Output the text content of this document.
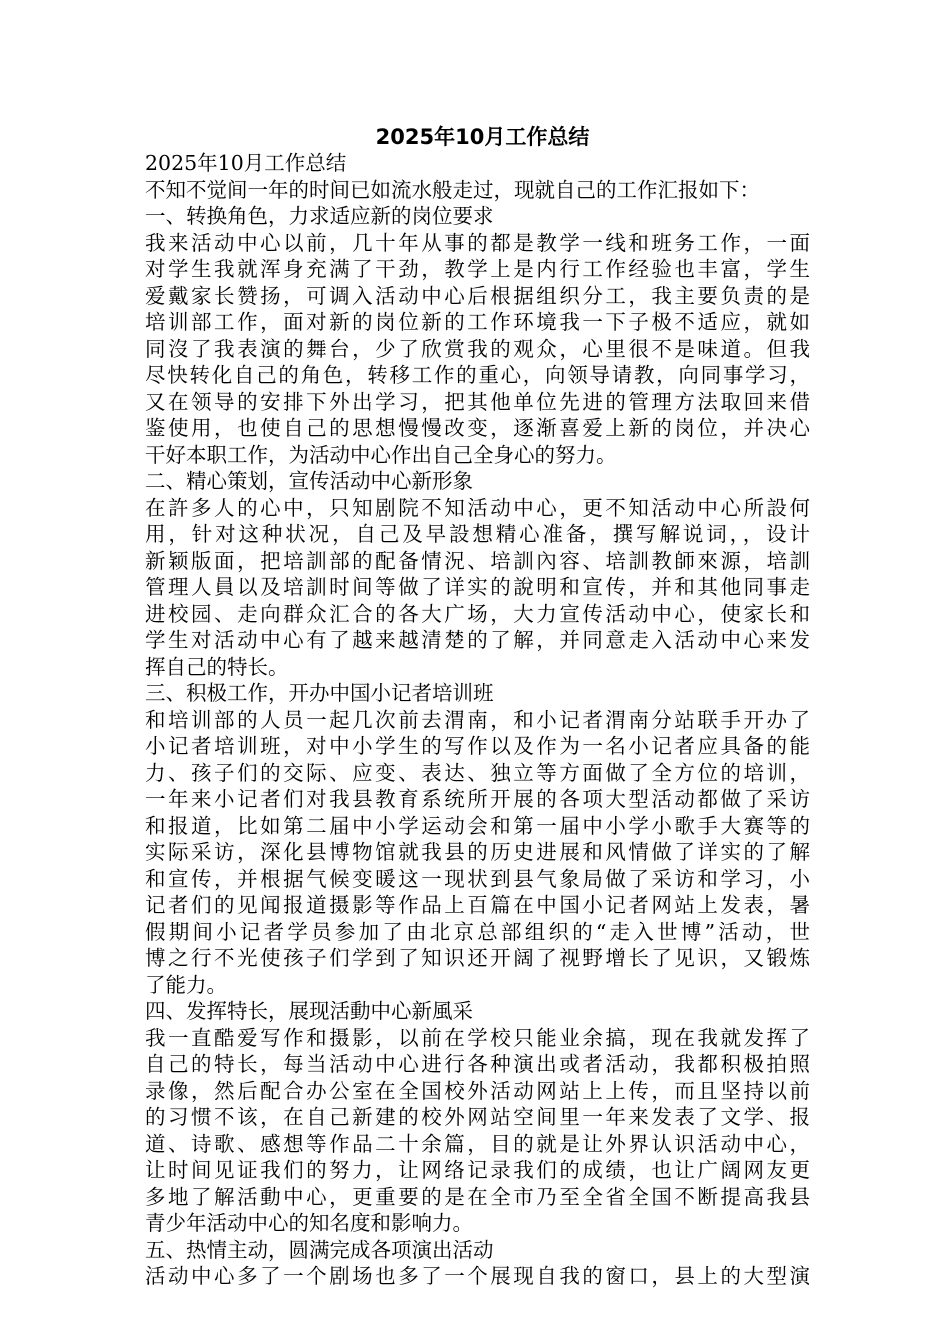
2025年10月工作总结
2025年10月工作总结
不知不觉间一年的时间已如流水般走过，现就自己的工作汇报如下：
一、转换角色，力求适应新的岗位要求
我来活动中心以前，几十年从事的都是教学一线和班务工作，一面
对学生我就浑身充满了干劲，教学上是内行工作经验也丰富，学生
爱戴家长赞扬，可调入活动中心后根据组织分工，我主要负责的是
培训部工作，面对新的岗位新的工作环境我一下子极不适应，就如
同沒了我表演的舞台，少了欣赏我的观众，心里很不是味道。但我
尽快转化自己的角色，转移工作的重心，向领导请教，向同事学习，
又在领导的安排下外出学习，把其他单位先进的管理方法取回来借
鉴使用，也使自己的思想慢慢改变，逐渐喜爱上新的岗位，并决心
干好本职工作，为活动中心作出自己全身心的努力。
二、精心策划，宣传活动中心新形象
在許多人的心中，只知剧院不知活动中心，更不知活动中心所設何
用，针对这种状况，自己及早設想精心准备，撰写解说词，，设计
新颖版面，把培訓部的配备情況、培訓內容、培訓教師來源，培訓
管理人員以及培訓时间等做了详实的說明和宣传，并和其他同事走
进校园、走向群众汇合的各大广场，大力宣传活动中心，使家长和
学生对活动中心有了越来越清楚的了解，并同意走入活动中心来发
挥自己的特长。
三、积极工作，开办中国小记者培训班
和培训部的人员一起几次前去渭南，和小记者渭南分站联手开办了
小记者培训班，对中小学生的写作以及作为一名小记者应具备的能
力、孩子们的交际、应变、表达、独立等方面做了全方位的培训，
一年来小记者们对我县教育系统所开展的各项大型活动都做了采访
和报道，比如第二届中小学运动会和第一届中小学小歌手大赛等的
实际采访，深化县博物馆就我县的历史进展和风情做了详实的了解
和宣传，并根据气候变暖这一现状到县气象局做了采访和学习，小
记者们的见闻报道摄影等作品上百篇在中国小记者网站上发表，暑
假期间小记者学员参加了由北京总部组织的“走入世博”活动，世
博之行不光使孩子们学到了知识还开阔了视野增长了见识，又锻炼
了能力。
四、发挥特长，展现活動中心新風采
我一直酷爱写作和摄影，以前在学校只能业余搞，现在我就发挥了
自己的特长，每当活动中心进行各种演出或者活动，我都积极拍照
录像，然后配合办公室在全国校外活动网站上上传，而且坚持以前
的习惯不该，在自己新建的校外网站空间里一年来发表了文学、报
道、诗歌、感想等作品二十余篇，目的就是让外界认识活动中心，
让时间见证我们的努力，让网络记录我们的成绩，也让广阔网友更
多地了解活動中心，更重要的是在全市乃至全省全国不断提高我县
青少年活动中心的知名度和影响力。
五、热情主动，圆满完成各项演出活动
活动中心多了一个剧场也多了一个展现自我的窗口，县上的大型演
